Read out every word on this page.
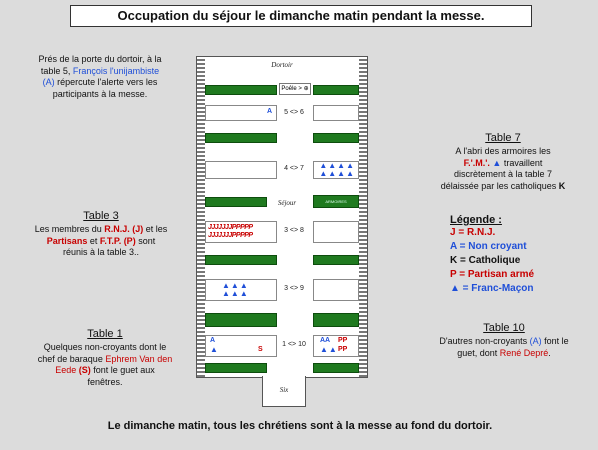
Occupation du séjour le dimanche matin pendant la messe.
Prés de la porte du dortoir, à la
table 5, François l'unijambiste
(A) répercute l'alerte vers les
participants à la messe.
Table 3
Les membres du R.N.J. (J) et les
Partisans et F.T.P. (P) sont
réunis à la table 3..
Table 1
Quelques non-croyants dont le
chef de baraque Ephrem Van den
Eede (S) font le guet aux
fenêtres.
Table 7
A l'abri des armoires les
F.'.M.'. ▲ travaillent
discrètement à la table 7
délaissée par les catholiques K
Légende :
J = R.N.J.
A = Non croyant
K = Catholique
P = Partisan armé
▲ = Franc-Maçon
Table 10
D'autres non-croyants (A) font le
guet, dont René Depré.
Dortoir
Poêle > ⊕
A	5 <> 6
4 <> 7	▲▲▲▲
▲▲▲▲
Séjour	ARMOIRES
JJJJJJJPPPPP
JJJJJJJPPPPP
3 <> 8
▲▲▲
▲▲▲
3 <> 9
A
▲	S
1 <> 10
AA PP
▲▲ PP
Six
Le dimanche matin, tous les chrétiens sont à la messe au fond du dortoir.
